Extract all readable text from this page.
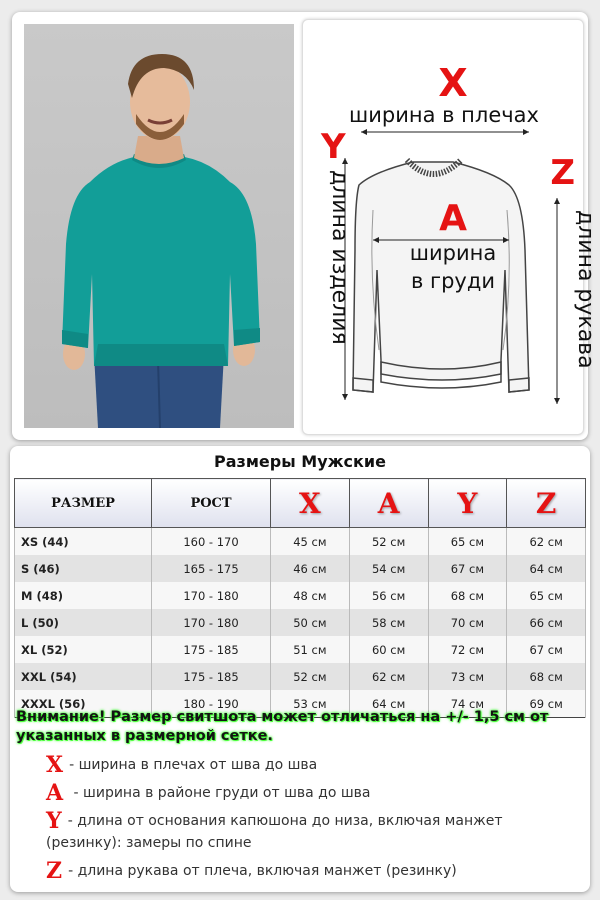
X
ширина в плечах
Y
длина изделия	Z
длина рукава
A
ширина
в груди
Размеры Мужские
РАЗМЕР	РОСТ	X	A	Y	Z
XS (44)	160 - 170	45 см	52 см	65 см	62 см
S (46)	165 - 175	46 см	54 см	67 см	64 см
M (48)	170 - 180	48 см	56 см	68 см	65 см
L (50)	170 - 180	50 см	58 см	70 см	66 см
XL (52)	175 - 185	51 см	60 см	72 см	67 см
XXL (54)	175 - 185	52 см	62 см	73 см	68 см
XXXL (56)	180 - 190	53 см	64 см	74 см	69 см
Внимание! Размер свитшота может отличаться на +/- 1,5 см от указанных в размерной сетке.
X - ширина в плечах от шва до шва
A - ширина в районе груди от шва до шва
Y - длина от основания капюшона до низа, включая манжет (резинку): замеры по спине
Z - длина рукава от плеча, включая манжет (резинку)
